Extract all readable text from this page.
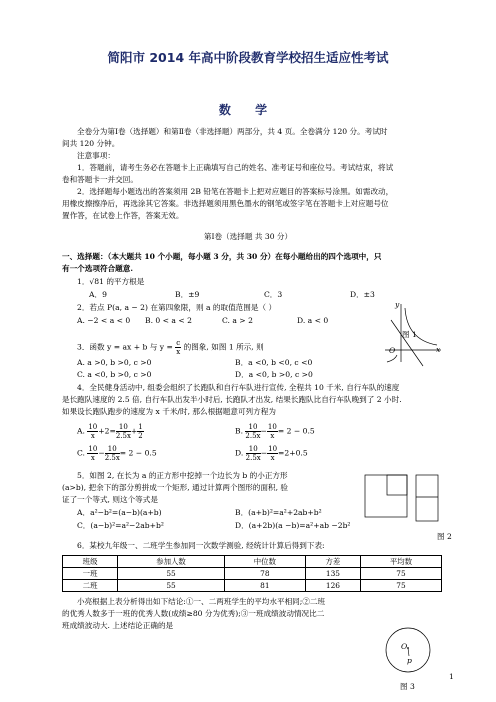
简阳市 2014 年高中阶段教育学校招生适应性考试
数 学
全卷分为第Ⅰ卷（选择题）和第Ⅱ卷（非选择题）两部分，共 4 页。全卷满分 120 分。考试时
间共 120 分钟。
注意事项：
1．答题前，请考生务必在答题卡上正确填写自己的姓名、准考证号和座位号。考试结束，将试
卷和答题卡一并交回。
2．选择题每小题选出的答案须用 2B 铅笔在答题卡上把对应题目的答案标号涂黑。如需改动，
用橡皮擦擦净后，再选涂其它答案。非选择题须用黑色墨水的钢笔或签字笔在答题卡上对应题号位
置作答，在试卷上作答，答案无效。
第Ⅰ卷（选择题 共 30 分）
一、选择题：（本大题共 10 个小题，每小题 3 分，共 30 分）在每小题给出的四个选项中，只
有一个选项符合题意.
1．√81 的平方根是
A．9	B．±9	C．3	D．±3
2．若点 P(a, a − 2) 在第四象限，则 a 的取值范围是（ ）
A. −2 < a < 0 B. 0 < a < 2	C. a > 2	D. a < 0
y
x
O
图 1
3．函数 y = ax + b 与 $y = \frac{c}{x}$ 的图象, 如图 1 所示, 则
A. a >0, b >0, c >0	B．a <0, b <0, c <0
C. a <0, b >0, c >0	D．a <0, b >0, c >0
4．全民健身活动中, 组委会组织了长跑队和自行车队进行宣传, 全程共 10 千米, 自行车队的速度
是长跑队速度的 2.5 倍, 自行车队出发半小时后, 长跑队才出发, 结果长跑队比自行车队晚到了 2 小时.
如果设长跑队跑步的速度为 x 千米/时, 那么根据题意可列方程为
A. $\frac{10}{x} +2= \frac{10}{2.5x} + \frac{1}{2}$	B. $\frac{10}{2.5x} - \frac{10}{x} = 2 - 0.5$
C. $\frac{10}{x} - \frac{10}{2.5x} = 2 - 0.5$	D. $\frac{10}{2.5x} - \frac{10}{x} =2+0.5$
5．如图 2, 在长为 a 的正方形中挖掉一个边长为 b 的小正方形
(a>b), 把余下的部分剪拼成一个矩形, 通过计算两个图形的面积, 验
证了一个等式, 则这个等式是
A．a²−b²=(a−b)(a+b)	B．(a+b)²=a²+2ab+b²
C．(a−b)²=a²−2ab+b²	D．(a+2b)(a −b)=a²+ab −2b²
图 2
6．某校九年级一、二班学生参加同一次数学测验, 经统计计算后得到下表:
班级	参加人数	中位数	方差	平均数
一班	55	78	135	75
二班	55	81	126	75
小亮根据上表分析得出如下结论:①一、二两班学生的平均水平相同;②二班
的优秀人数多于一班的优秀人数(成绩≥80 分为优秀);③一班成绩波动情况比二
班成绩波动大. 上述结论正确的是
O
p
图 3
1
